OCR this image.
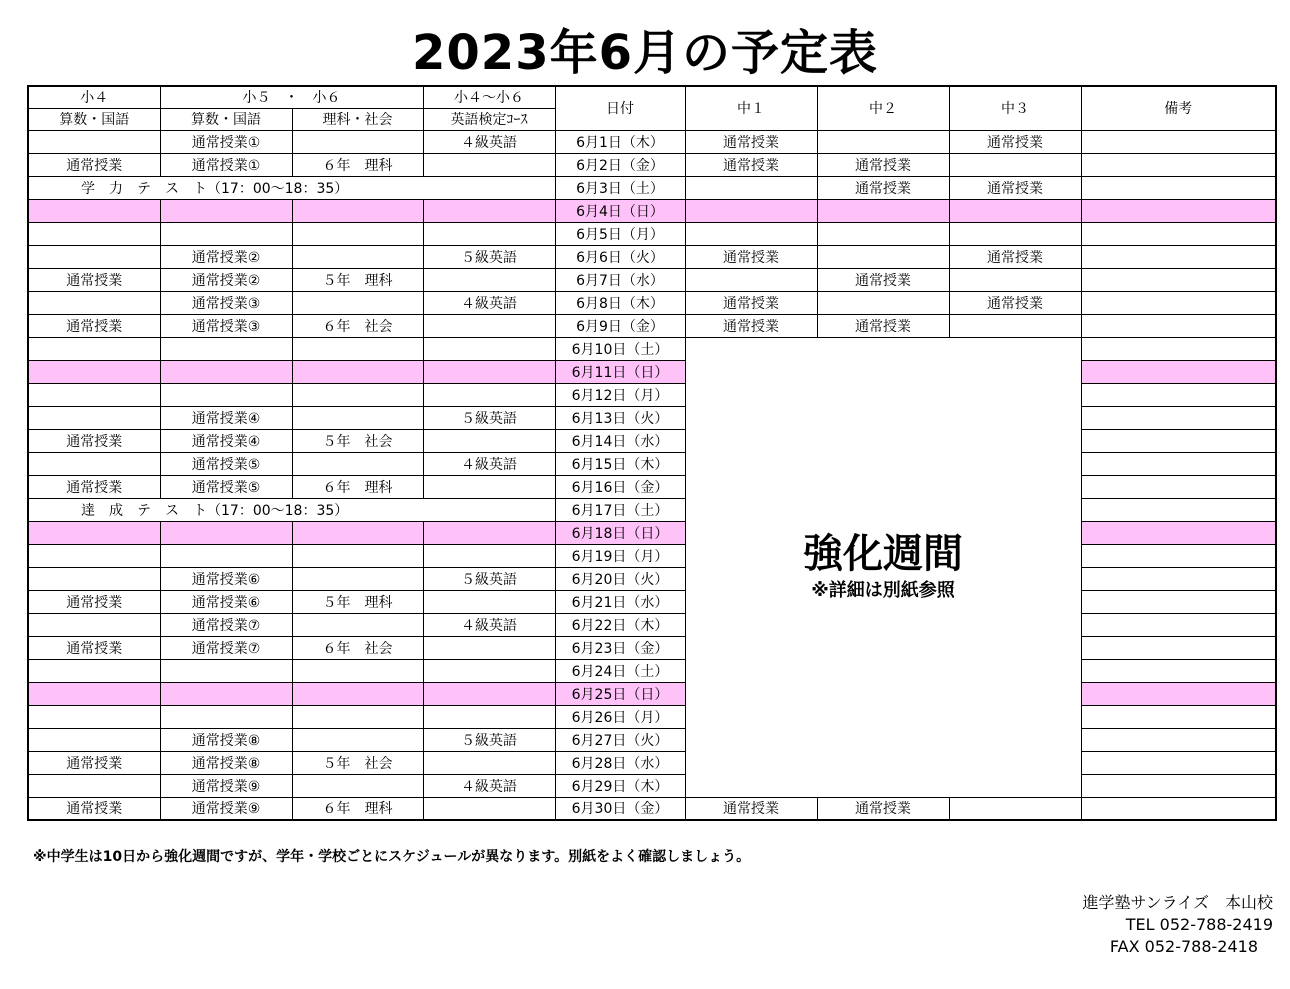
2023年6月の予定表
小４	小５　・　小６		小４～小６	日付	中１	中２	中３	備考
算数・国語	算数・国語	理科・社会	英語検定ｺｰｽ					
	通常授業①		４級英語	6月1日（木）	通常授業		通常授業	
通常授業	通常授業①	６年　理科		6月2日（金）	通常授業	通常授業		
学　力　テ　ス　ト（17：00～18：35）				6月3日（土）		通常授業	通常授業	
				6月4日（日）				
				6月5日（月）				
	通常授業②		５級英語	6月6日（火）	通常授業		通常授業	
通常授業	通常授業②	５年　理科		6月7日（水）		通常授業		
	通常授業③		４級英語	6月8日（木）	通常授業		通常授業	
通常授業	通常授業③	６年　社会		6月9日（金）	通常授業	通常授業		
				6月10日（土）	強化週間
※詳細は別紙参照			

				6月11日（日）				
				6月12日（月）				
	通常授業④		５級英語	6月13日（火）				
通常授業	通常授業④	５年　社会		6月14日（水）				
	通常授業⑤		４級英語	6月15日（木）				
通常授業	通常授業⑤	６年　理科		6月16日（金）				
達　成　テ　ス　ト（17：00～18：35）				6月17日（土）				
				6月18日（日）				
				6月19日（月）				
	通常授業⑥		５級英語	6月20日（火）				
通常授業	通常授業⑥	５年　理科		6月21日（水）				
	通常授業⑦		４級英語	6月22日（木）				
通常授業	通常授業⑦	６年　社会		6月23日（金）				
				6月24日（土）				
				6月25日（日）				
				6月26日（月）				
	通常授業⑧		５級英語	6月27日（火）				
通常授業	通常授業⑧	５年　社会		6月28日（水）				
	通常授業⑨		４級英語	6月29日（木）				
通常授業	通常授業⑨	６年　理科		6月30日（金）	通常授業	通常授業		
※中学生は10日から強化週間ですが、学年・学校ごとにスケジュールが異なります。別紙をよく確認しましょう。
進学塾サンライズ　本山校
TEL 052-788-2419
FAX 052-788-2418
